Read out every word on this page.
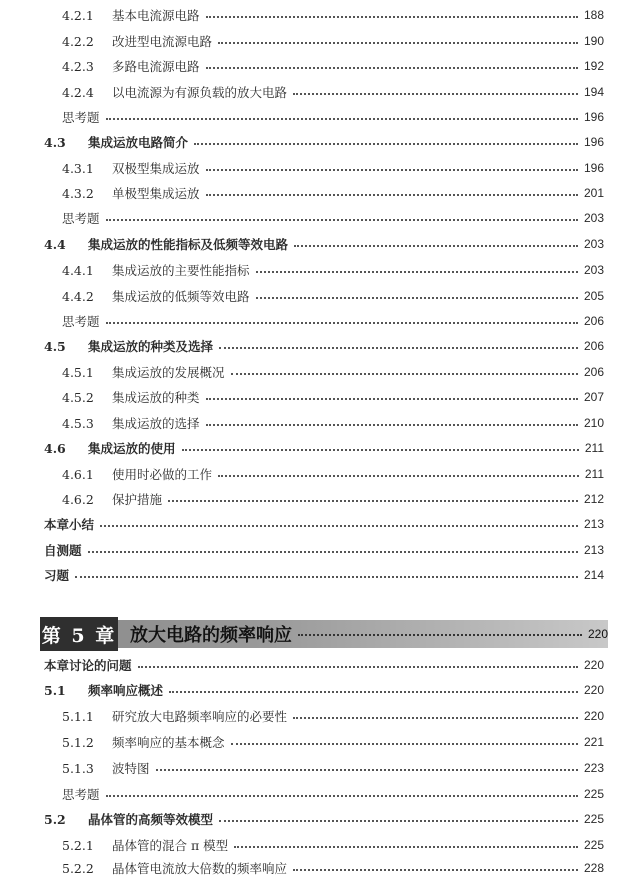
4.2.1	基本电流源电路	188
4.2.2	改进型电流源电路	190
4.2.3	多路电流源电路	192
4.2.4	以电流源为有源负载的放大电路	194
思考题	196
4.3	集成运放电路简介	196
4.3.1	双极型集成运放	196
4.3.2	单极型集成运放	201
思考题	203
4.4	集成运放的性能指标及低频等效电路	203
4.4.1	集成运放的主要性能指标	203
4.4.2	集成运放的低频等效电路	205
思考题	206
4.5	集成运放的种类及选择	206
4.5.1	集成运放的发展概况	206
4.5.2	集成运放的种类	207
4.5.3	集成运放的选择	210
4.6	集成运放的使用	211
4.6.1	使用时必做的工作	211
4.6.2	保护措施	212
本章小结	213
自测题	213
习题	214
第 5 章 放大电路的频率响应	220
本章讨论的问题	220
5.1	频率响应概述	220
5.1.1	研究放大电路频率响应的必要性	220
5.1.2	频率响应的基本概念	221
5.1.3	波特图	223
思考题	225
5.2	晶体管的高频等效模型	225
5.2.1	晶体管的混合 π 模型	225
5.2.2	晶体管电流放大倍数的频率响应	228
